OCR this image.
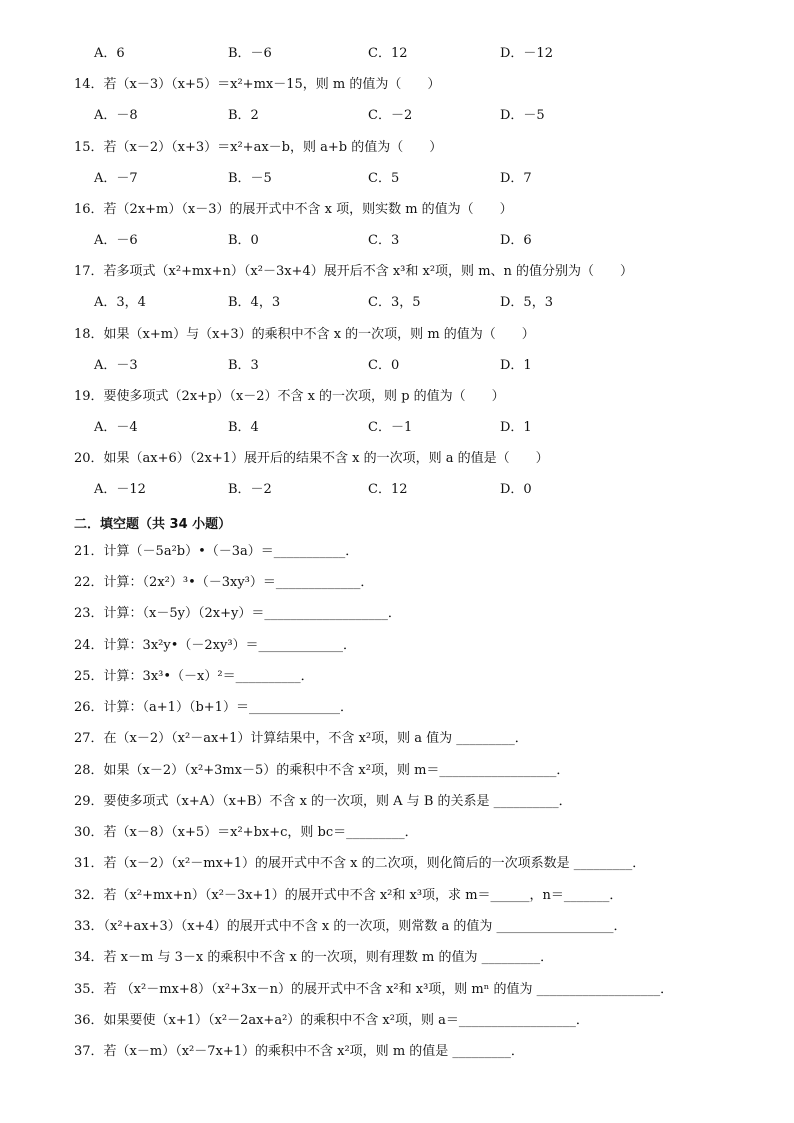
A．6	B．－6	C．12	D．－12
14．若（x－3）（x+5）＝x²+mx－15，则 m 的值为（　　）
A．－8	B．2	C．－2	D．－5
15．若（x－2）（x+3）＝x²+ax－b，则 a+b 的值为（　　）
A．－7	B．－5	C．5	D．7
16．若（2x+m）（x－3）的展开式中不含 x 项，则实数 m 的值为（　　）
A．－6	B．0	C．3	D．6
17．若多项式（x²+mx+n）（x²－3x+4）展开后不含 x³和 x²项，则 m、n 的值分别为（　　）
A．3，4	B．4，3	C．3，5	D．5，3
18．如果（x+m）与（x+3）的乘积中不含 x 的一次项，则 m 的值为（　　）
A．－3	B．3	C．0	D．1
19．要使多项式（2x+p）（x－2）不含 x 的一次项，则 p 的值为（　　）
A．－4	B．4	C．－1	D．1
20．如果（ax+6）（2x+1）展开后的结果不含 x 的一次项，则 a 的值是（　　）
A．－12	B．－2	C．12	D．0
二．填空题（共 34 小题）
21．计算（－5a²b）•（－3a）＝___________．
22．计算：（2x²）³•（－3xy³）＝_____________．
23．计算：（x－5y）（2x+y）＝___________________．
24．计算：3x²y•（－2xy³）＝_____________．
25．计算：3x³•（－x）²＝__________．
26．计算：（a+1）（b+1）＝______________．
27．在（x－2）（x²－ax+1）计算结果中，不含 x²项，则 a 值为 _________．
28．如果（x－2）（x²+3mx－5）的乘积中不含 x²项，则 m＝__________________．
29．要使多项式（x+A）（x+B）不含 x 的一次项，则 A 与 B 的关系是 __________．
30．若（x－8）（x+5）＝x²+bx+c，则 bc＝_________．
31．若（x－2）（x²－mx+1）的展开式中不含 x 的二次项，则化简后的一次项系数是 _________．
32．若（x²+mx+n）（x²－3x+1）的展开式中不含 x²和 x³项，求 m＝______，n＝_______．
33．（x²+ax+3）（x+4）的展开式中不含 x 的一次项，则常数 a 的值为 __________________．
34．若 x－m 与 3－x 的乘积中不含 x 的一次项，则有理数 m 的值为 _________．
35．若 （x²－mx+8）（x²+3x－n）的展开式中不含 x²和 x³项，则 mⁿ 的值为 ___________________．
36．如果要使（x+1）（x²－2ax+a²）的乘积中不含 x²项，则 a＝__________________．
37．若（x－m）（x²－7x+1）的乘积中不含 x²项，则 m 的值是 _________．
